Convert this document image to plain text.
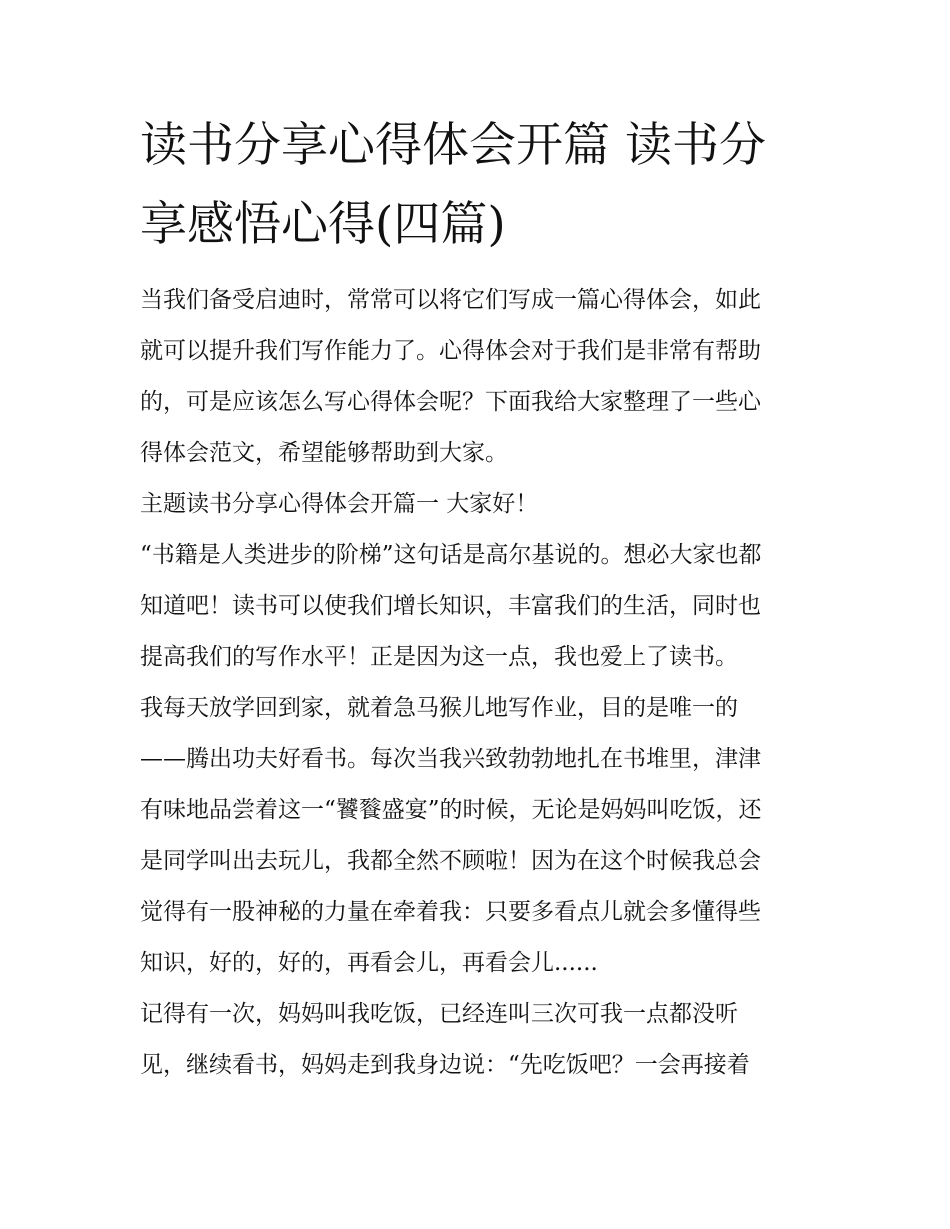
读书分享心得体会开篇 读书分
享感悟心得(四篇)
当我们备受启迪时，常常可以将它们写成一篇心得体会，如此
就可以提升我们写作能力了。心得体会对于我们是非常有帮助
的，可是应该怎么写心得体会呢？下面我给大家整理了一些心
得体会范文，希望能够帮助到大家。
主题读书分享心得体会开篇一 大家好！
“书籍是人类进步的阶梯”这句话是高尔基说的。想必大家也都
知道吧！读书可以使我们增长知识，丰富我们的生活，同时也
提高我们的写作水平！正是因为这一点，我也爱上了读书。
我每天放学回到家，就着急马猴儿地写作业，目的是唯一的
——腾出功夫好看书。每次当我兴致勃勃地扎在书堆里，津津
有味地品尝着这一“饕餮盛宴”的时候，无论是妈妈叫吃饭，还
是同学叫出去玩儿，我都全然不顾啦！因为在这个时候我总会
觉得有一股神秘的力量在牵着我：只要多看点儿就会多懂得些
知识，好的，好的，再看会儿，再看会儿......
记得有一次，妈妈叫我吃饭，已经连叫三次可我一点都没听
见，继续看书，妈妈走到我身边说：“先吃饭吧？一会再接着
